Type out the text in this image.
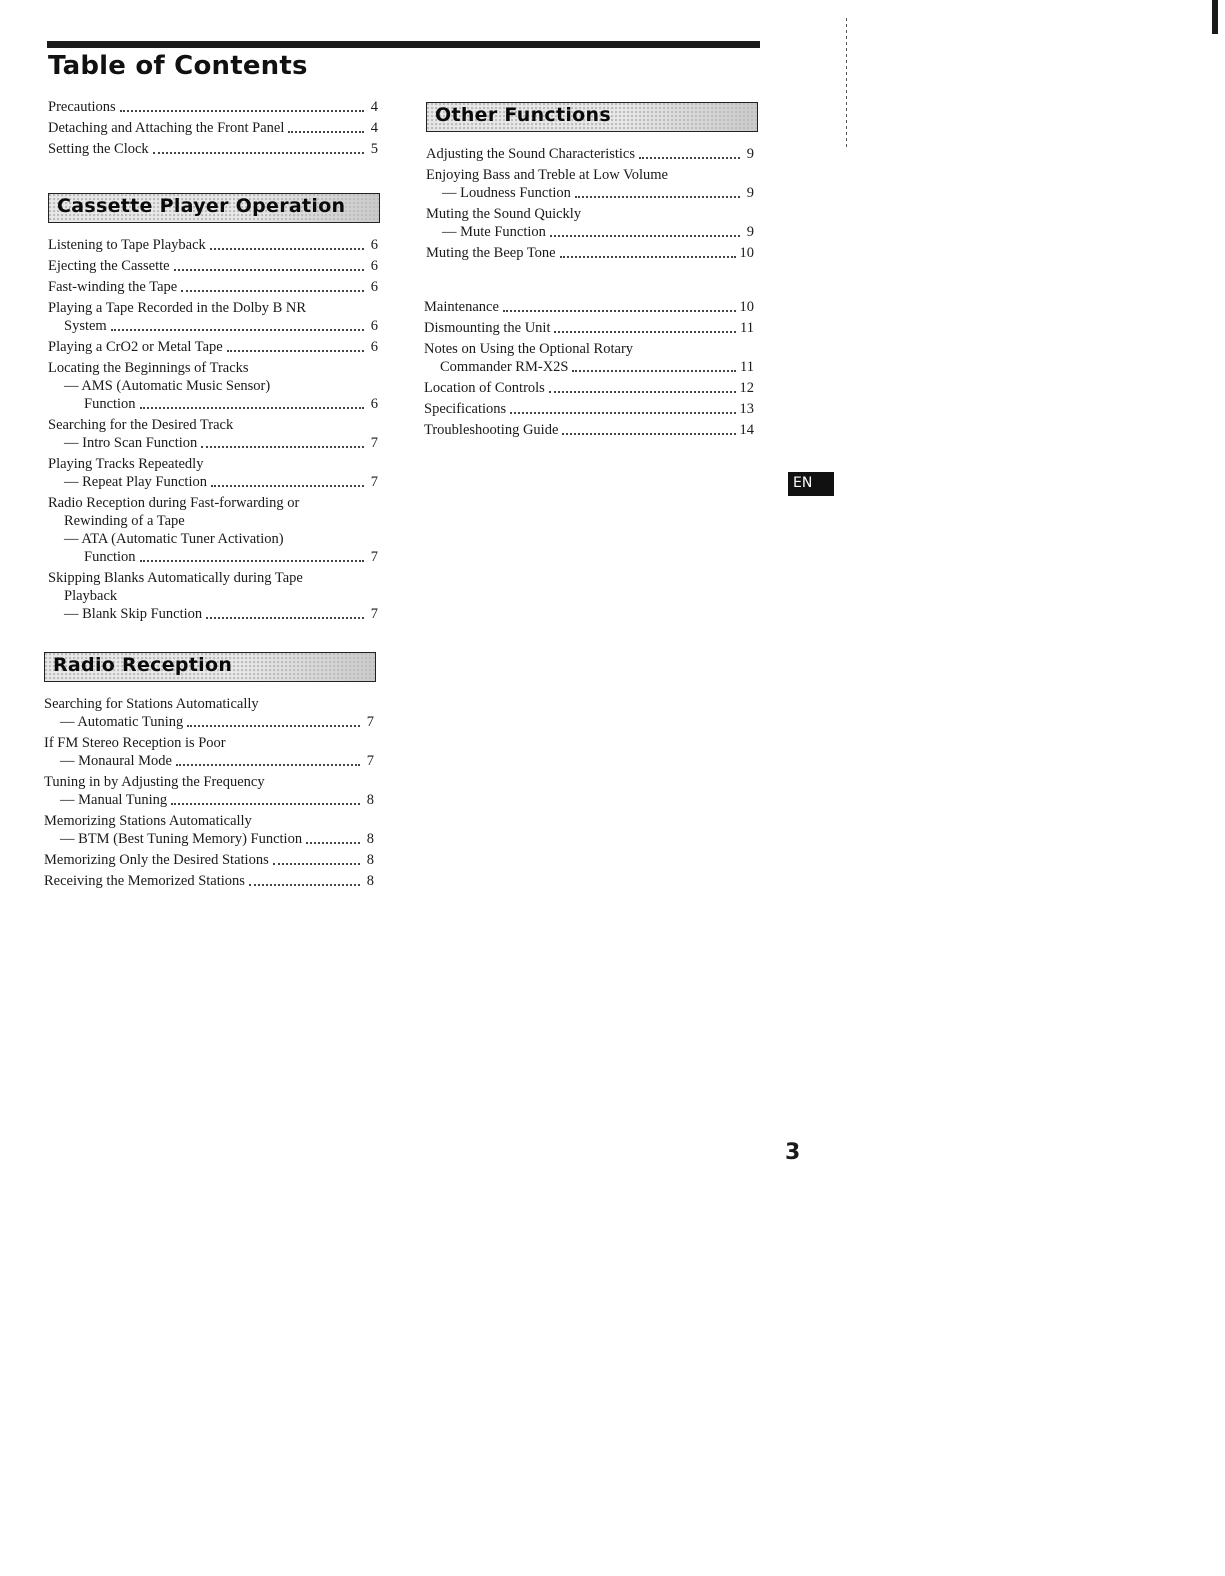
Table of Contents
Precautions	4
Detaching and Attaching the Front Panel	4
Setting the Clock	5
Cassette Player Operation
Listening to Tape Playback	6
Ejecting the Cassette	6
Fast-winding the Tape	6
Playing a Tape Recorded in the Dolby B NR
System	6
Playing a CrO2 or Metal Tape	6
Locating the Beginnings of Tracks
— AMS (Automatic Music Sensor)
Function	6
Searching for the Desired Track
— Intro Scan Function	7
Playing Tracks Repeatedly
— Repeat Play Function	7
Radio Reception during Fast-forwarding or
Rewinding of a Tape
— ATA (Automatic Tuner Activation)
Function	7
Skipping Blanks Automatically during Tape
Playback
— Blank Skip Function	7
Radio Reception
Searching for Stations Automatically
— Automatic Tuning	7
If FM Stereo Reception is Poor
— Monaural Mode	7
Tuning in by Adjusting the Frequency
— Manual Tuning	8
Memorizing Stations Automatically
— BTM (Best Tuning Memory) Function	8
Memorizing Only the Desired Stations	8
Receiving the Memorized Stations	8
Other Functions
Adjusting the Sound Characteristics	9
Enjoying Bass and Treble at Low Volume
— Loudness Function	9
Muting the Sound Quickly
— Mute Function	9
Muting the Beep Tone	10
Maintenance	10
Dismounting the Unit	11
Notes on Using the Optional Rotary
Commander RM-X2S	11
Location of Controls	12
Specifications	13
Troubleshooting Guide	14
EN

3
